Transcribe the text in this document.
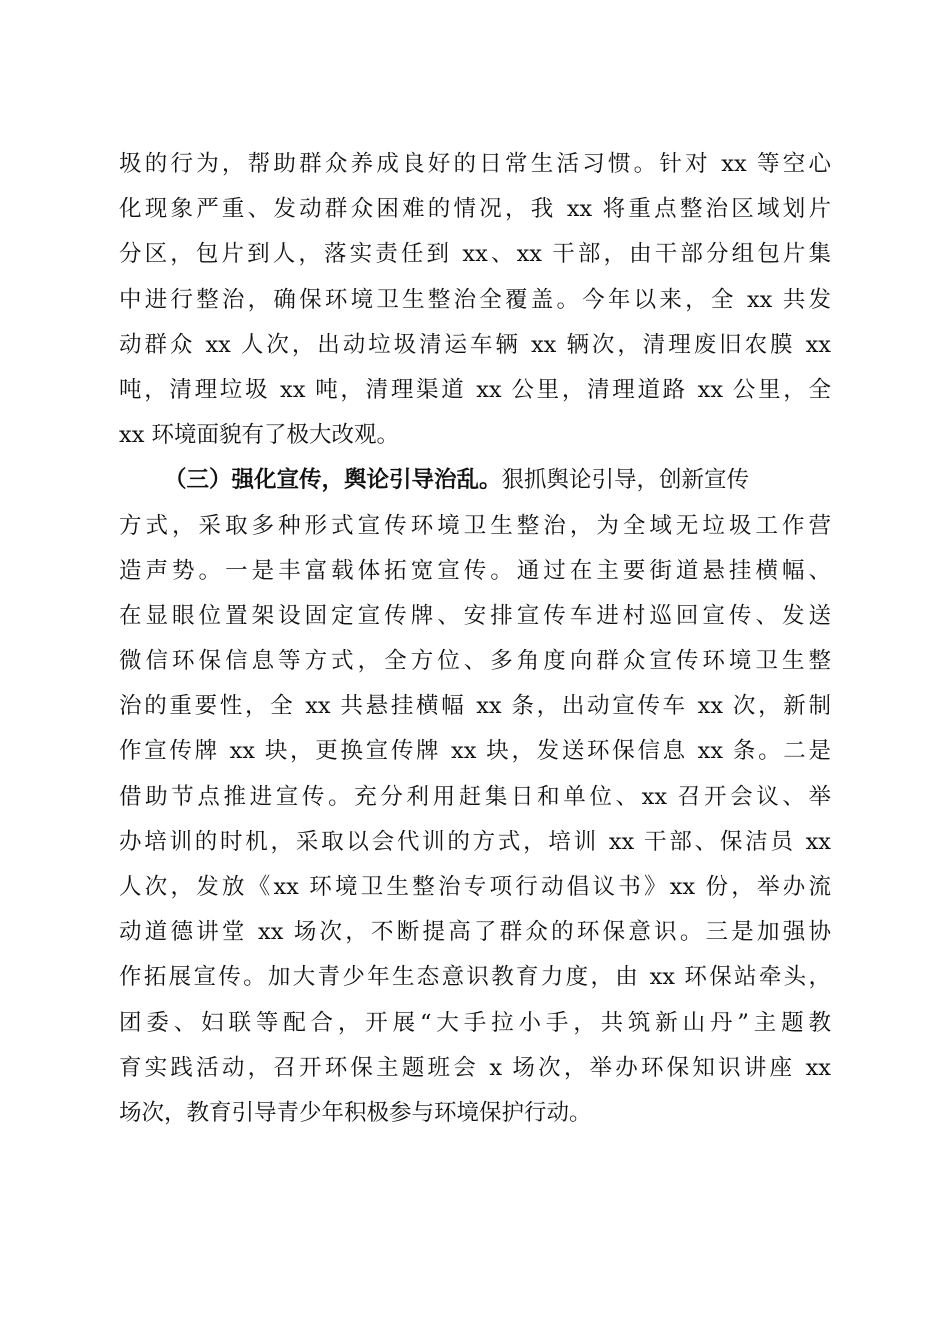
圾的行为，帮助群众养成良好的日常生活习惯。针对 xx 等空心
化现象严重、发动群众困难的情况，我 xx 将重点整治区域划片
分区，包片到人，落实责任到 xx、xx 干部，由干部分组包片集
中进行整治，确保环境卫生整治全覆盖。今年以来，全 xx 共发
动群众 xx 人次，出动垃圾清运车辆 xx 辆次，清理废旧农膜 xx
吨，清理垃圾 xx 吨，清理渠道 xx 公里，清理道路 xx 公里，全
xx 环境面貌有了极大改观。
（三）强化宣传，舆论引导治乱。狠抓舆论引导，创新宣传
方式，采取多种形式宣传环境卫生整治，为全域无垃圾工作营
造声势。一是丰富载体拓宽宣传。通过在主要街道悬挂横幅、
在显眼位置架设固定宣传牌、安排宣传车进村巡回宣传、发送
微信环保信息等方式，全方位、多角度向群众宣传环境卫生整
治的重要性，全 xx 共悬挂横幅 xx 条，出动宣传车 xx 次，新制
作宣传牌 xx 块，更换宣传牌 xx 块，发送环保信息 xx 条。二是
借助节点推进宣传。充分利用赶集日和单位、xx 召开会议、举
办培训的时机，采取以会代训的方式，培训 xx 干部、保洁员 xx
人次，发放《xx 环境卫生整治专项行动倡议书》xx 份，举办流
动道德讲堂 xx 场次，不断提高了群众的环保意识。三是加强协
作拓展宣传。加大青少年生态意识教育力度，由 xx 环保站牵头，
团委、妇联等配合，开展“大手拉小手，共筑新山丹”主题教
育实践活动，召开环保主题班会 x 场次，举办环保知识讲座 xx
场次，教育引导青少年积极参与环境保护行动。
